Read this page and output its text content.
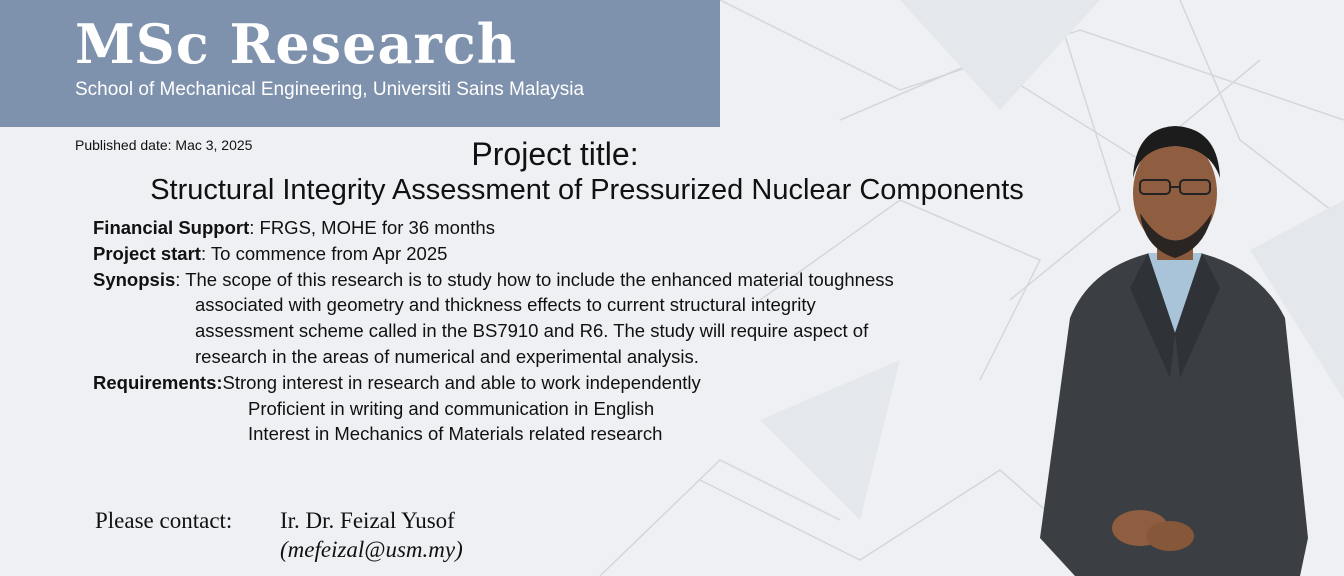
MSc Research
School of Mechanical Engineering, Universiti Sains Malaysia
Published date: Mac 3, 2025	Project title:
Structural Integrity Assessment of Pressurized Nuclear Components
Financial Support : FRGS, MOHE for 36 months
Project start : To commence from Apr 2025
Synopsis : The scope of this research is to study how to include the enhanced material toughness
associated with geometry and thickness effects to current structural integrity
assessment scheme called in the BS7910 and R6. The study will require aspect of
research in the areas of numerical and experimental analysis.
Requirements: Strong interest in research and able to work independently
Proficient in writing and communication in English
Interest in Mechanics of Materials related research
Please contact: Ir. Dr. Feizal Yusof
(mefeizal@usm.my)
